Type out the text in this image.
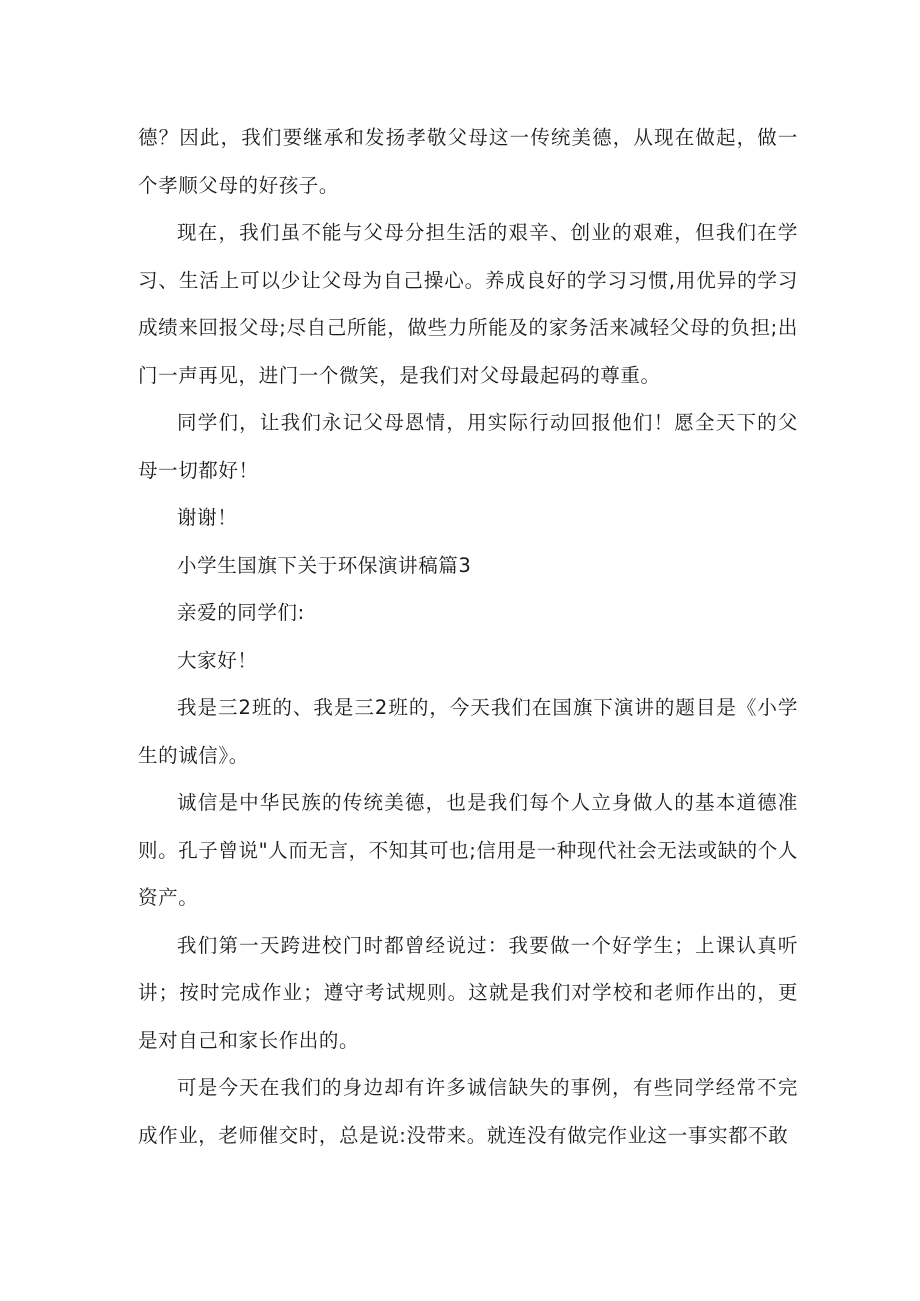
德？因此，我们要继承和发扬孝敬父母这一传统美德，从现在做起，做一个孝顺父母的好孩子。

现在，我们虽不能与父母分担生活的艰辛、创业的艰难，但我们在学习、生活上可以少让父母为自己操心。养成良好的学习习惯,用优异的学习成绩来回报父母;尽自己所能，做些力所能及的家务活来减轻父母的负担;出门一声再见，进门一个微笑，是我们对父母最起码的尊重。

同学们，让我们永记父母恩情，用实际行动回报他们！愿全天下的父母一切都好！

谢谢！

小学生国旗下关于环保演讲稿篇3

亲爱的同学们:

大家好！

我是三2班的、我是三2班的，今天我们在国旗下演讲的题目是《小学生的诚信》。

诚信是中华民族的传统美德，也是我们每个人立身做人的基本道德准则。孔子曾说"人而无言，不知其可也;信用是一种现代社会无法或缺的个人资产。

我们第一天跨进校门时都曾经说过：我要做一个好学生；上课认真听讲；按时完成作业；遵守考试规则。这就是我们对学校和老师作出的，更是对自己和家长作出的。

可是今天在我们的身边却有许多诚信缺失的事例，有些同学经常不完成作业，老师催交时，总是说:没带来。就连没有做完作业这一事实都不敢
